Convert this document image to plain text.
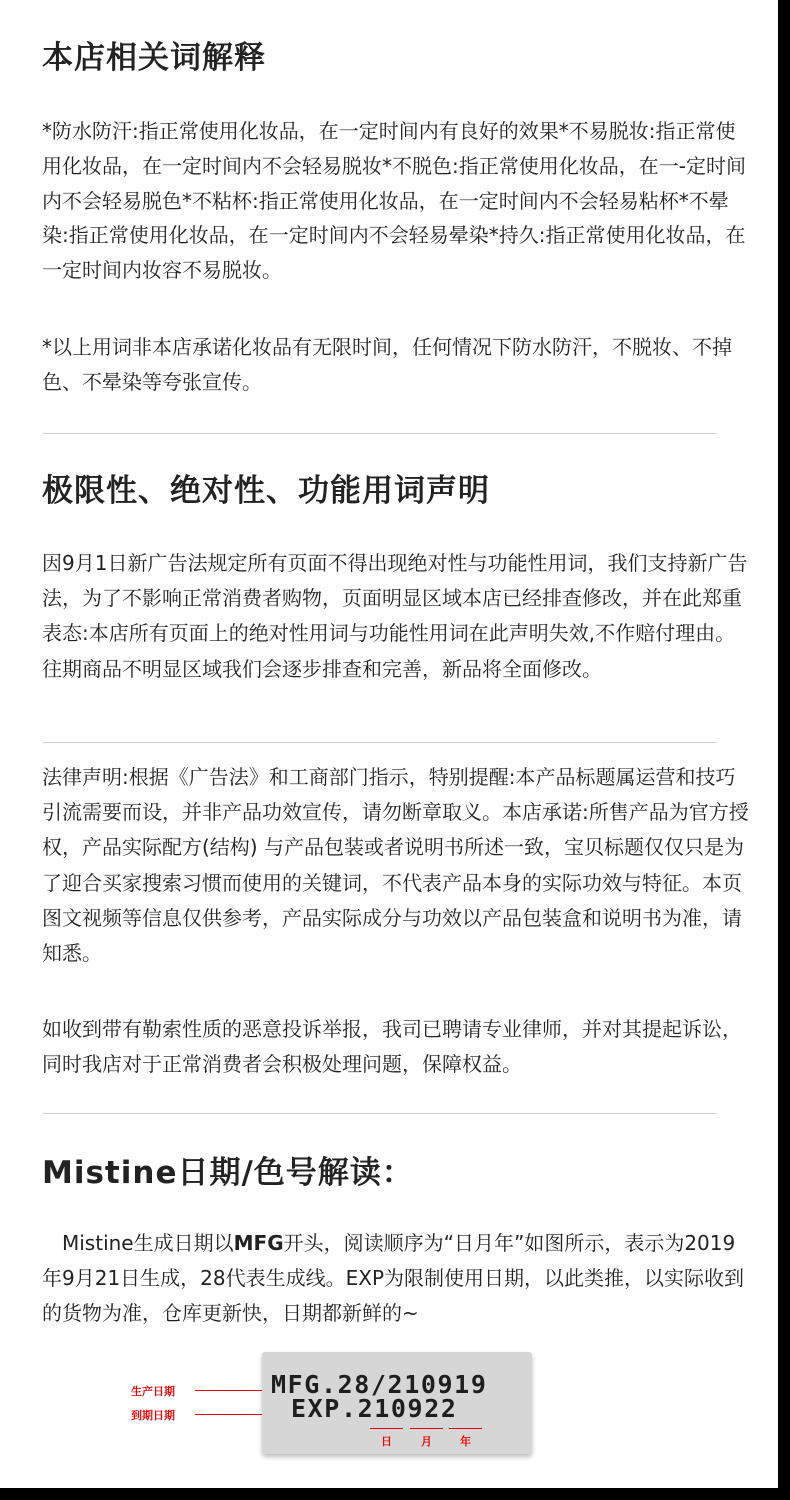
本店相关词解释

*防水防汗:指正常使用化妆品，在一定时间内有良好的效果*不易脱妆:指正常使用化妆品，在一定时间内不会轻易脱妆*不脱色:指正常使用化妆品，在一-定时间内不会轻易脱色*不粘杯:指正常使用化妆品，在一定时间内不会轻易粘杯*不晕染:指正常使用化妆品，在一定时间内不会轻易晕染*持久:指正常使用化妆品，在一定时间内妆容不易脱妆。

*以上用词非本店承诺化妆品有无限时间，任何情况下防水防汗，不脱妆、不掉色、不晕染等夸张宣传。

极限性、绝对性、功能用词声明

因9月1日新广告法规定所有页面不得出现绝对性与功能性用词，我们支持新广告法，为了不影响正常消费者购物，页面明显区域本店已经排查修改，并在此郑重表态:本店所有页面上的绝对性用词与功能性用词在此声明失效,不作赔付理由。往期商品不明显区域我们会逐步排查和完善，新品将全面修改。

法律声明:根据《广告法》和工商部门指示，特别提醒:本产品标题属运营和技巧引流需要而设，并非产品功效宣传，请勿断章取义。本店承诺:所售产品为官方授权，产品实际配方(结构) 与产品包装或者说明书所述一致，宝贝标题仅仅只是为了迎合买家搜索习惯而使用的关键词，不代表产品本身的实际功效与特征。本页图文视频等信息仅供参考，产品实际成分与功效以产品包装盒和说明书为准，请知悉。

如收到带有勒索性质的恶意投诉举报，我司已聘请专业律师，并对其提起诉讼，同时我店对于正常消费者会积极处理问题，保障权益。

Mistine日期/色号解读：

　Mistine生成日期以MFG开头，阅读顺序为“日月年”如图所示，表示为2019年9月21日生成，28代表生成线。EXP为限制使用日期，以此类推，以实际收到的货物为准，仓库更新快，日期都新鲜的~

生产日期
到期日期
MFG.28/210919
EXP.210922
日	月	年
